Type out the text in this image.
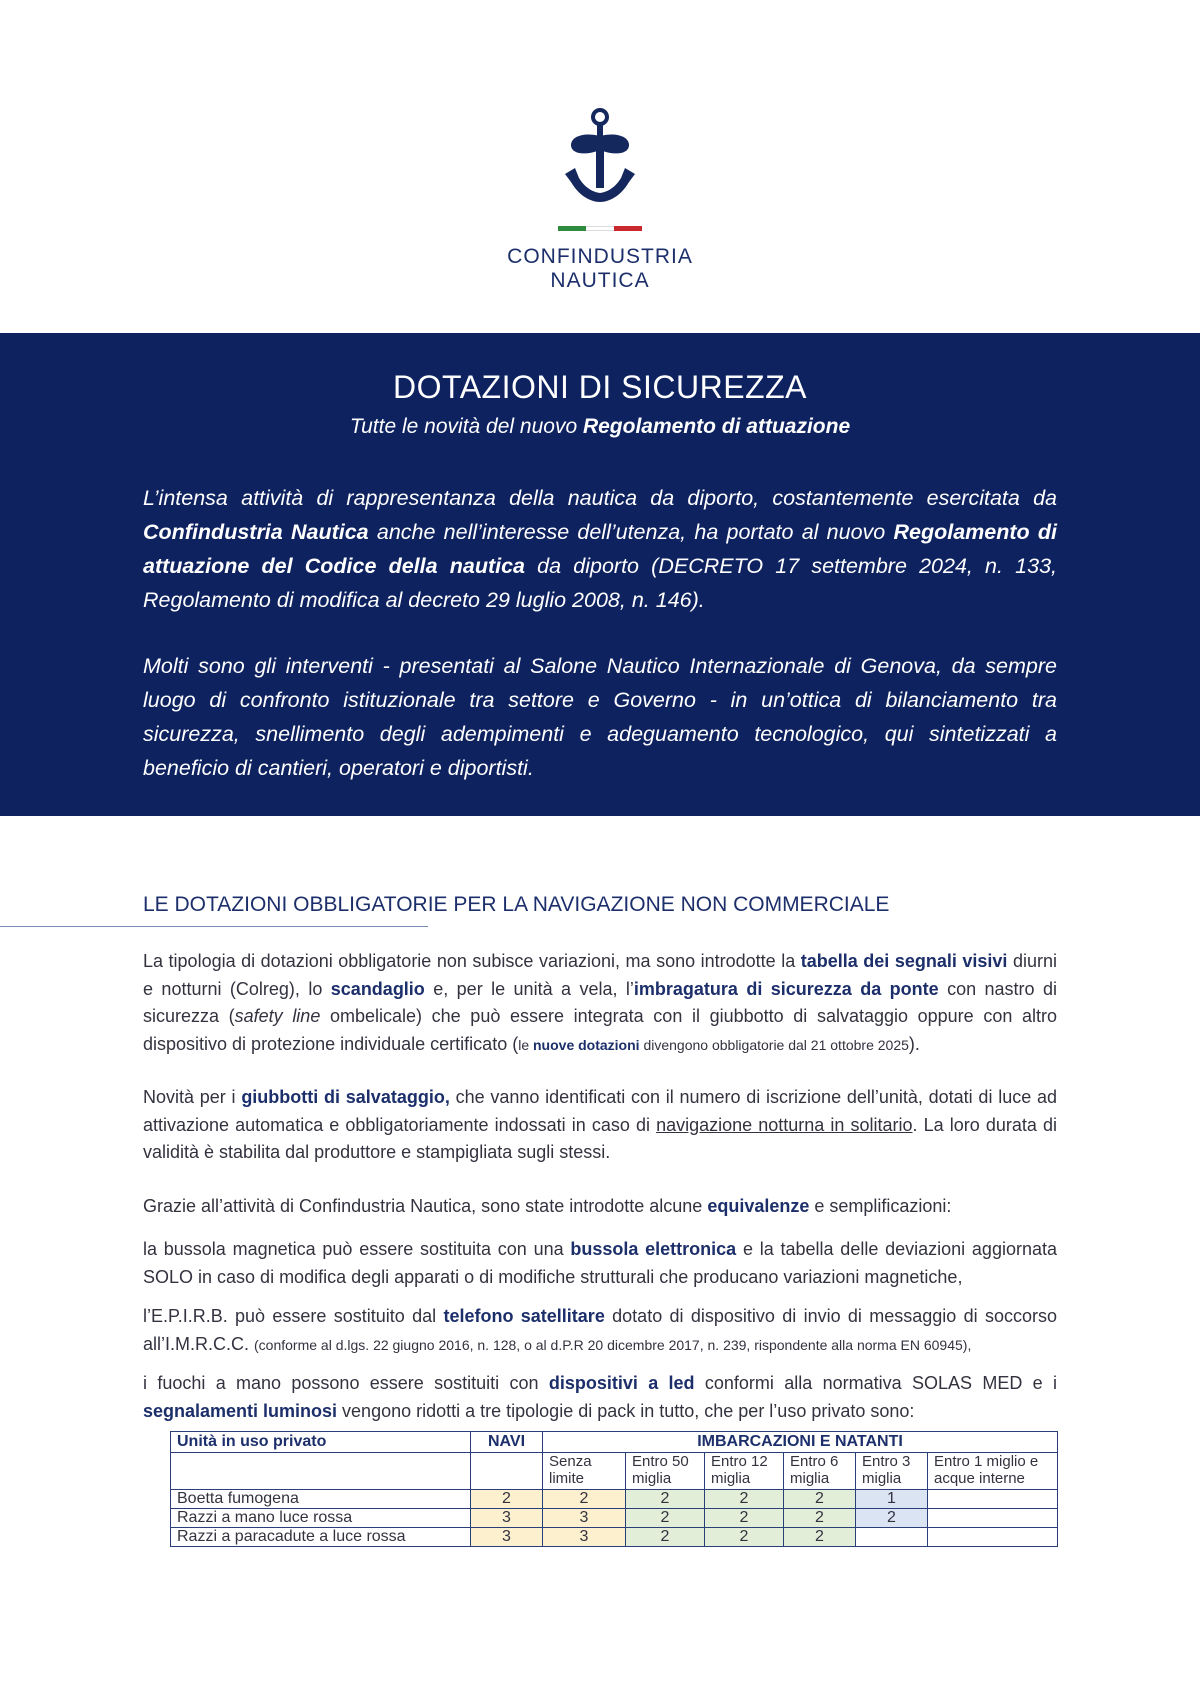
CONFINDUSTRIA
NAUTICA
DOTAZIONI DI SICUREZZA
Tutte le novità del nuovo Regolamento di attuazione

L’intensa attività di rappresentanza della nautica da diporto, costantemente esercitata da Confindustria Nautica anche nell’interesse dell’utenza, ha portato al nuovo Regolamento di attuazione del Codice della nautica da diporto (DECRETO 17 settembre 2024, n. 133, Regolamento di modifica al decreto 29 luglio 2008, n. 146).

Molti sono gli interventi - presentati al Salone Nautico Internazionale di Genova, da sempre luogo di confronto istituzionale tra settore e Governo - in un’ottica di bilanciamento tra sicurezza, snellimento degli adempimenti e adeguamento tecnologico, qui sintetizzati a beneficio di cantieri, operatori e diportisti.

LE DOTAZIONI OBBLIGATORIE PER LA NAVIGAZIONE NON COMMERCIALE

La tipologia di dotazioni obbligatorie non subisce variazioni, ma sono introdotte la tabella dei segnali visivi diurni e notturni (Colreg), lo scandaglio e, per le unità a vela, l’imbragatura di sicurezza da ponte con nastro di sicurezza (safety line ombelicale) che può essere integrata con il giubbotto di salvataggio oppure con altro dispositivo di protezione individuale certificato (le nuove dotazioni divengono obbligatorie dal 21 ottobre 2025).

Novità per i giubbotti di salvataggio, che vanno identificati con il numero di iscrizione dell’unità, dotati di luce ad attivazione automatica e obbligatoriamente indossati in caso di navigazione notturna in solitario. La loro durata di validità è stabilita dal produttore e stampigliata sugli stessi.

Grazie all’attività di Confindustria Nautica, sono state introdotte alcune equivalenze e semplificazioni:

la bussola magnetica può essere sostituita con una bussola elettronica e la tabella delle deviazioni aggiornata SOLO in caso di modifica degli apparati o di modifiche strutturali che producano variazioni magnetiche,

l’E.P.I.R.B. può essere sostituito dal telefono satellitare dotato di dispositivo di invio di messaggio di soccorso all’I.M.R.C.C. (conforme al d.lgs. 22 giugno 2016, n. 128, o al d.P.R 20 dicembre 2017, n. 239, rispondente alla norma EN 60945),

i fuochi a mano possono essere sostituiti con dispositivi a led conformi alla normativa SOLAS MED e i segnalamenti luminosi vengono ridotti a tre tipologie di pack in tutto, che per l’uso privato sono:

Unità in uso privato	NAVI	IMBARCAZIONI E NATANTI					
		Senza limite	Entro 50 miglia	Entro 12 miglia	Entro 6 miglia	Entro 3 miglia	Entro 1 miglio e acque interne
Boetta fumogena	2	2	2	2	2	1	
Razzi a mano luce rossa	3	3	2	2	2	2	
Razzi a paracadute a luce rossa	3	3	2	2	2		
